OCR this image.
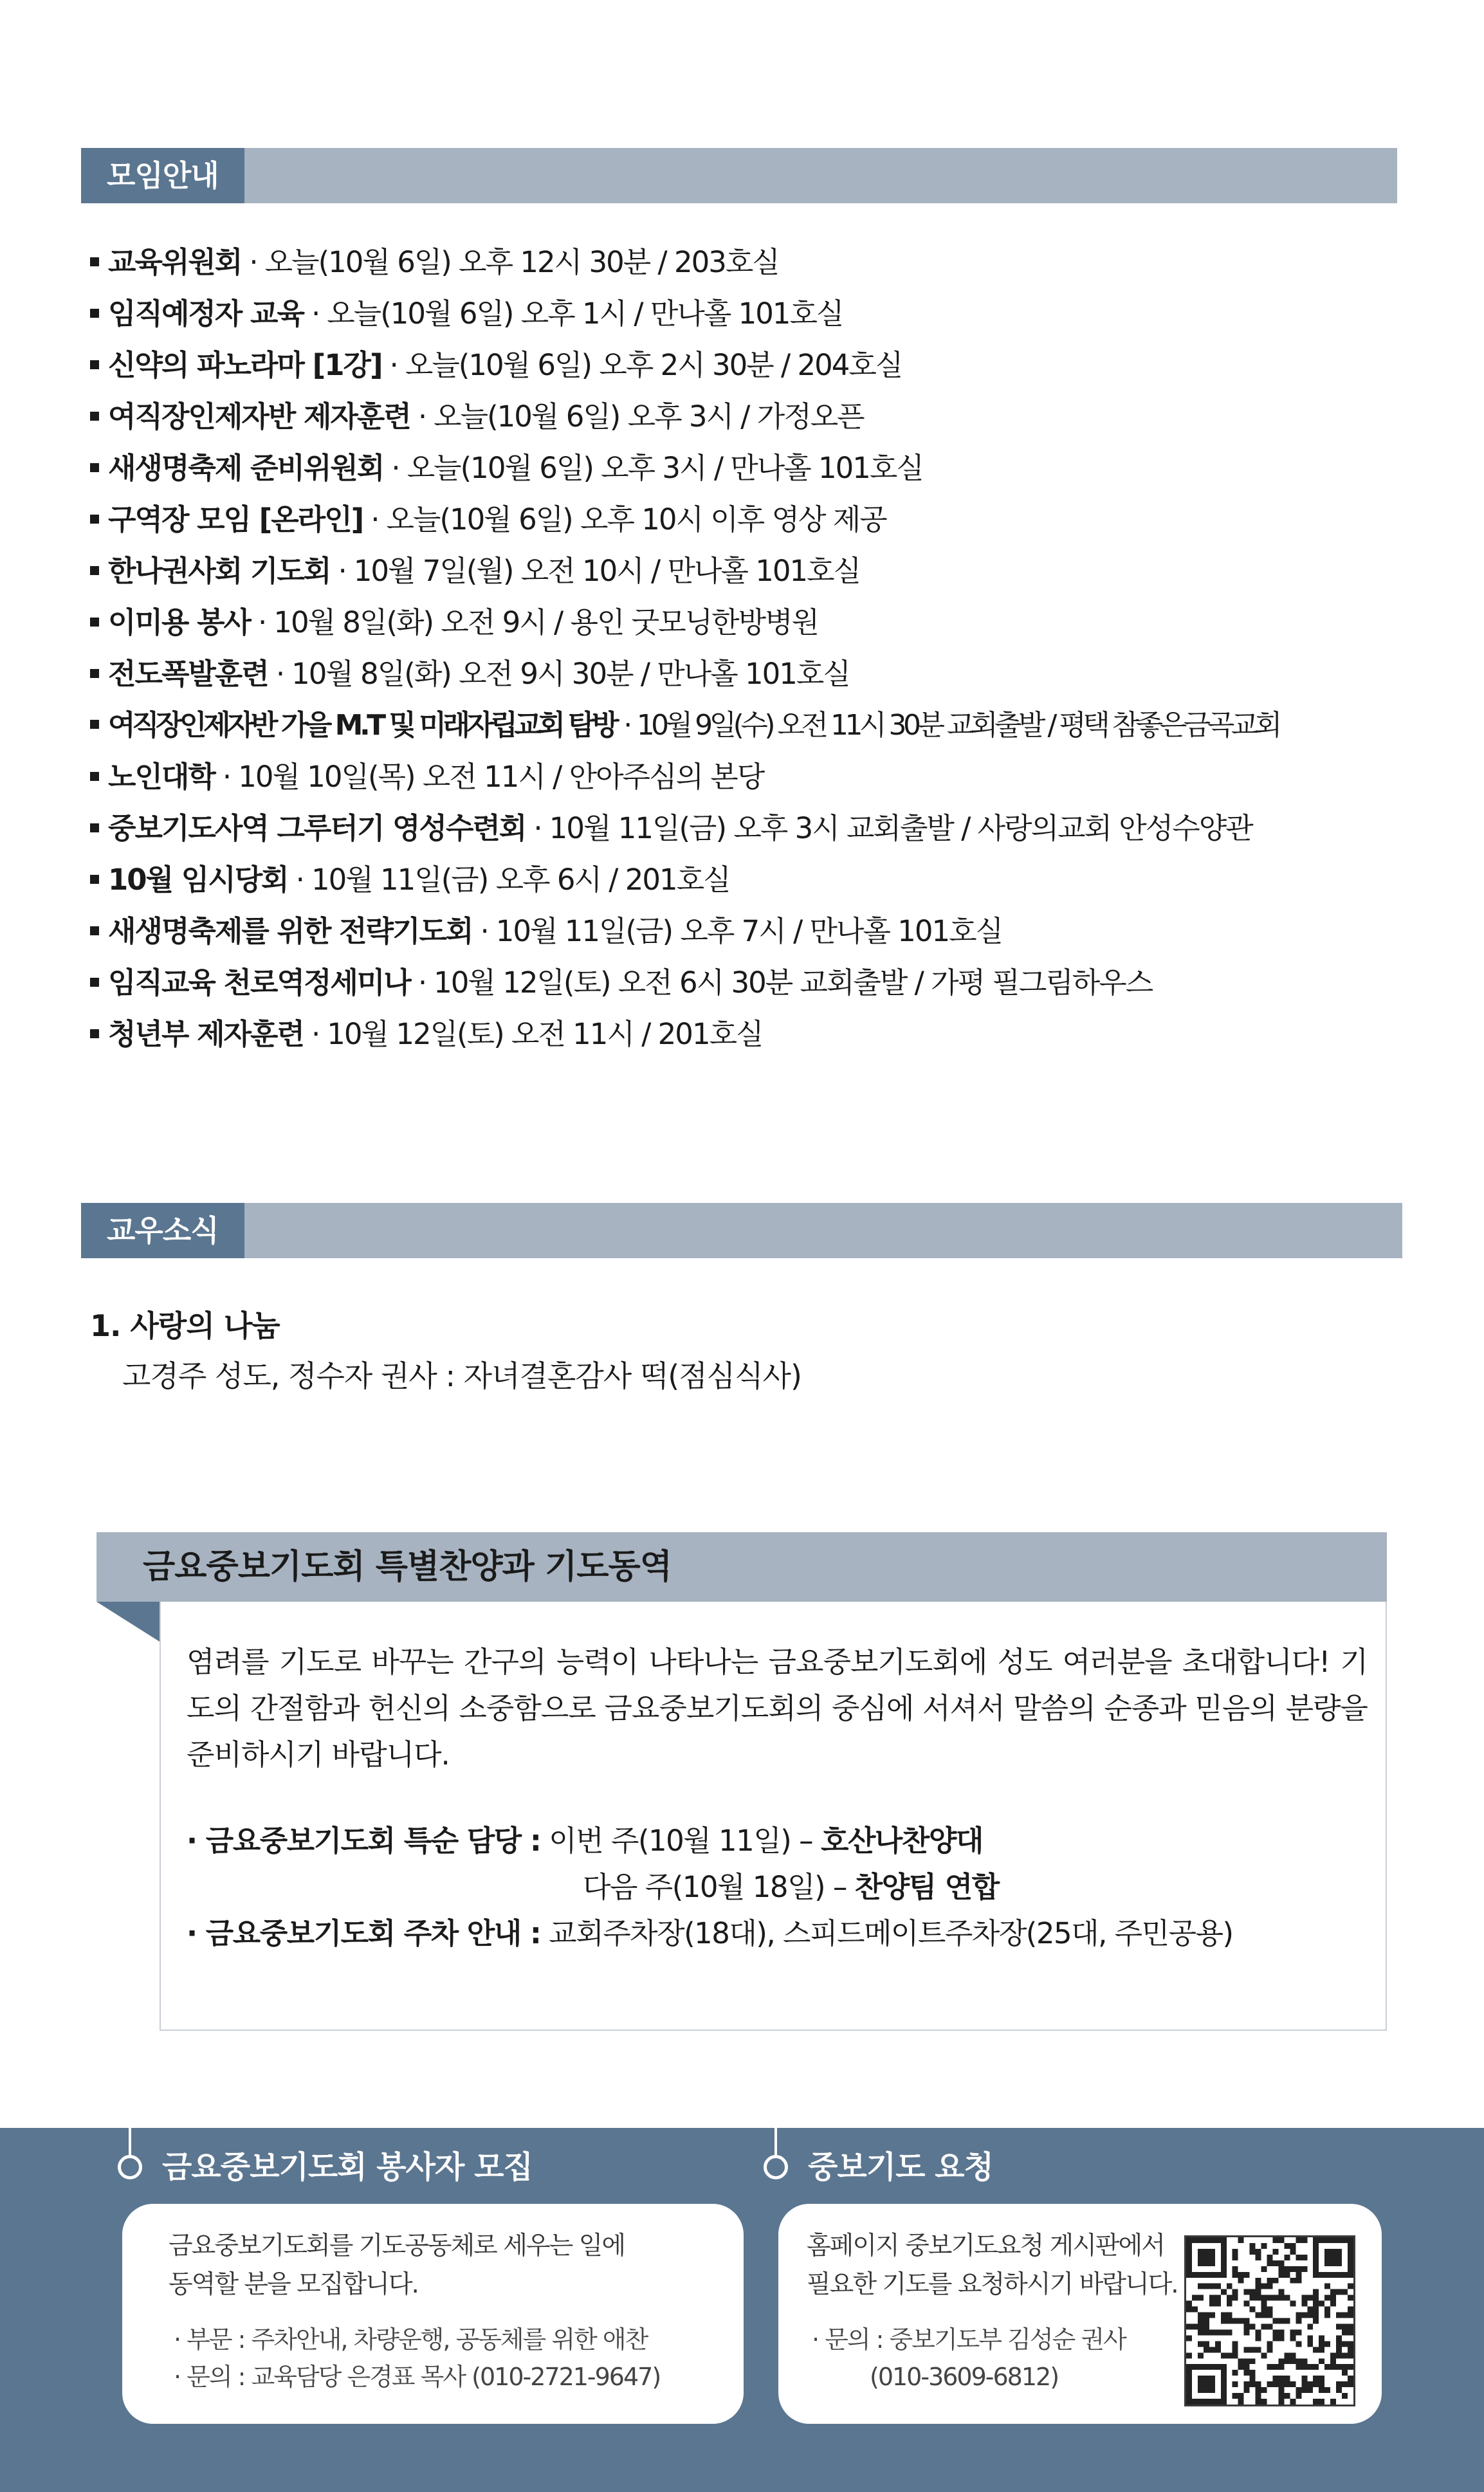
모임안내
교육위원회 · 오늘(10월 6일) 오후 12시 30분 / 203호실
임직예정자 교육 · 오늘(10월 6일) 오후 1시 / 만나홀 101호실
신약의 파노라마 [1강] · 오늘(10월 6일) 오후 2시 30분 / 204호실
여직장인제자반 제자훈련 · 오늘(10월 6일) 오후 3시 / 가정오픈
새생명축제 준비위원회 · 오늘(10월 6일) 오후 3시 / 만나홀 101호실
구역장 모임 [온라인] · 오늘(10월 6일) 오후 10시 이후 영상 제공
한나권사회 기도회 · 10월 7일(월) 오전 10시 / 만나홀 101호실
이미용 봉사 · 10월 8일(화) 오전 9시 / 용인 굿모닝한방병원
전도폭발훈련 · 10월 8일(화) 오전 9시 30분 / 만나홀 101호실
여직장인제자반 가을 M.T 및 미래자립교회 탐방 · 10월 9일(수) 오전 11시 30분 교회출발 / 평택 참좋은금곡교회
노인대학 · 10월 10일(목) 오전 11시 / 안아주심의 본당
중보기도사역 그루터기 영성수련회 · 10월 11일(금) 오후 3시 교회출발 / 사랑의교회 안성수양관
10월 임시당회 · 10월 11일(금) 오후 6시 / 201호실
새생명축제를 위한 전략기도회 · 10월 11일(금) 오후 7시 / 만나홀 101호실
임직교육 천로역정세미나 · 10월 12일(토) 오전 6시 30분 교회출발 / 가평 필그림하우스
청년부 제자훈련 · 10월 12일(토) 오전 11시 / 201호실
교우소식
1. 사랑의 나눔
고경주 성도, 정수자 권사 : 자녀결혼감사 떡(점심식사)
금요중보기도회 특별찬양과 기도동역
염려를 기도로 바꾸는 간구의 능력이 나타나는 금요중보기도회에 성도 여러분을 초대합니다! 기도의 간절함과 헌신의 소중함으로 금요중보기도회의 중심에 서셔서 말씀의 순종과 믿음의 분량을 준비하시기 바랍니다.
· 금요중보기도회 특순 담당 :
이번 주(10월 11일) –
호산나찬양대
다음 주(10월 18일) –
찬양팀 연합
· 금요중보기도회 주차 안내 :
교회주차장(18대), 스피드메이트주차장(25대, 주민공용)
금요중보기도회 봉사자 모집
금요중보기도회를 기도공동체로 세우는 일에
동역할 분을 모집합니다.
· 부문 : 주차안내, 차량운행, 공동체를 위한 애찬
· 문의 : 교육담당 은경표 목사 (010-2721-9647)
중보기도 요청
홈페이지 중보기도요청 게시판에서
필요한 기도를 요청하시기 바랍니다.
· 문의 : 중보기도부 김성순 권사
(010-3609-6812)
